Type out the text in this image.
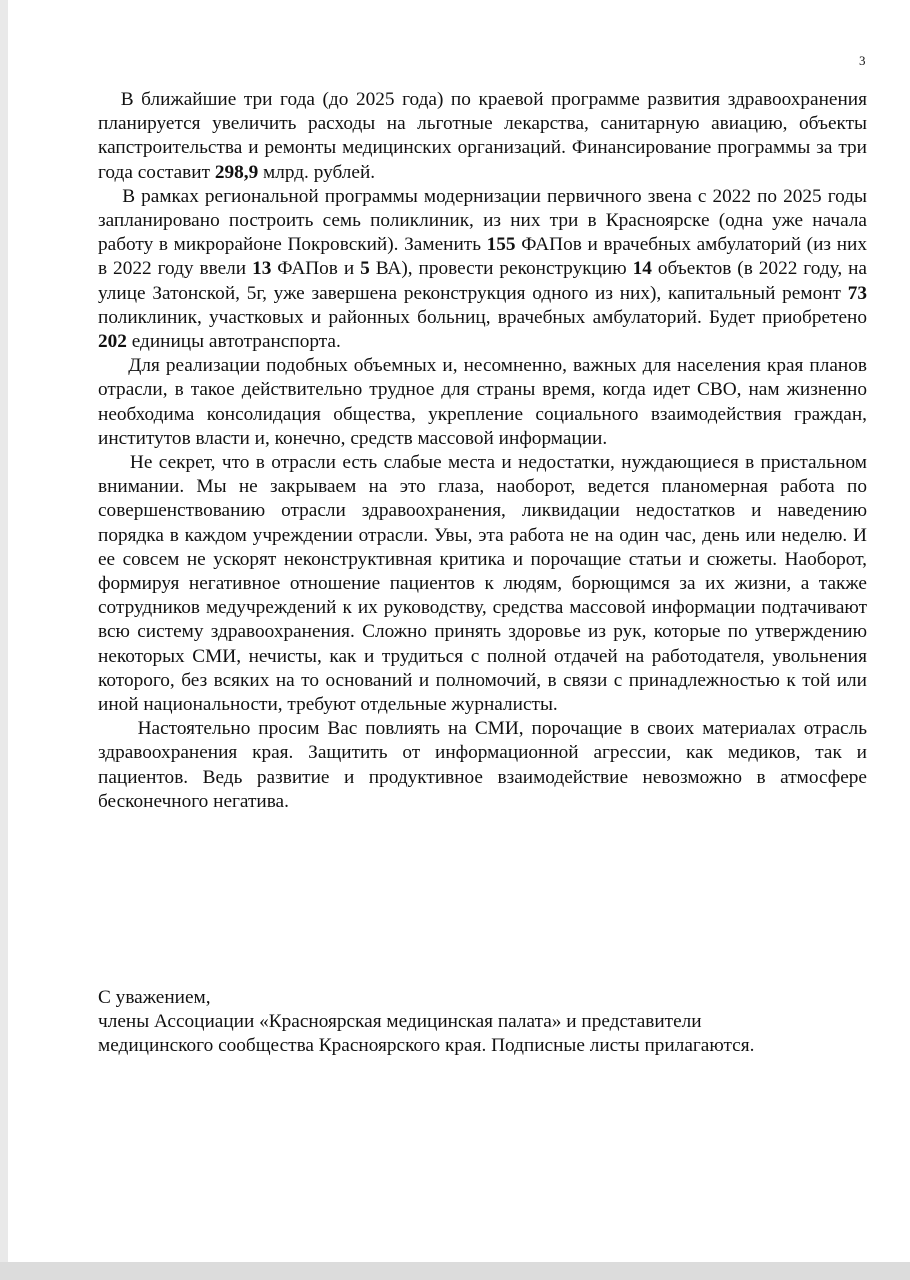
3

В ближайшие три года (до 2025 года) по краевой программе развития здравоохранения планируется увеличить расходы на льготные лекарства, санитарную авиацию, объекты капстроительства и ремонты медицинских организаций. Финансирование программы за три года составит 298,9 млрд. рублей.

В рамках региональной программы модернизации первичного звена с 2022 по 2025 годы запланировано построить семь поликлиник, из них три в Красноярске (одна уже начала работу в микрорайоне Покровский). Заменить 155 ФАПов и врачебных амбулаторий (из них в 2022 году ввели 13 ФАПов и 5 ВА), провести реконструкцию 14 объектов (в 2022 году, на улице Затонской, 5г, уже завершена реконструкция одного из них), капитальный ремонт 73 поликлиник, участковых и районных больниц, врачебных амбулаторий. Будет приобретено 202 единицы автотранспорта.

Для реализации подобных объемных и, несомненно, важных для населения края планов отрасли, в такое действительно трудное для страны время, когда идет СВО, нам жизненно необходима консолидация общества, укрепление социального взаимодействия граждан, институтов власти и, конечно, средств массовой информации.

Не секрет, что в отрасли есть слабые места и недостатки, нуждающиеся в пристальном внимании. Мы не закрываем на это глаза, наоборот, ведется планомерная работа по совершенствованию отрасли здравоохранения, ликвидации недостатков и наведению порядка в каждом учреждении отрасли. Увы, эта работа не на один час, день или неделю. И ее совсем не ускорят неконструктивная критика и порочащие статьи и сюжеты. Наоборот, формируя негативное отношение пациентов к людям, борющимся за их жизни, а также сотрудников медучреждений к их руководству, средства массовой информации подтачивают всю систему здравоохранения. Сложно принять здоровье из рук, которые по утверждению некоторых СМИ, нечисты, как и трудиться с полной отдачей на работодателя, увольнения которого, без всяких на то оснований и полномочий, в связи с принадлежностью к той или иной национальности, требуют отдельные журналисты.

Настоятельно просим Вас повлиять на СМИ, порочащие в своих материалах отрасль здравоохранения края. Защитить от информационной агрессии, как медиков, так и пациентов. Ведь развитие и продуктивное взаимодействие невозможно в атмосфере бесконечного негатива.

С уважением,
члены Ассоциации «Красноярская медицинская палата» и представители
медицинского сообщества Красноярского края. Подписные листы прилагаются.
